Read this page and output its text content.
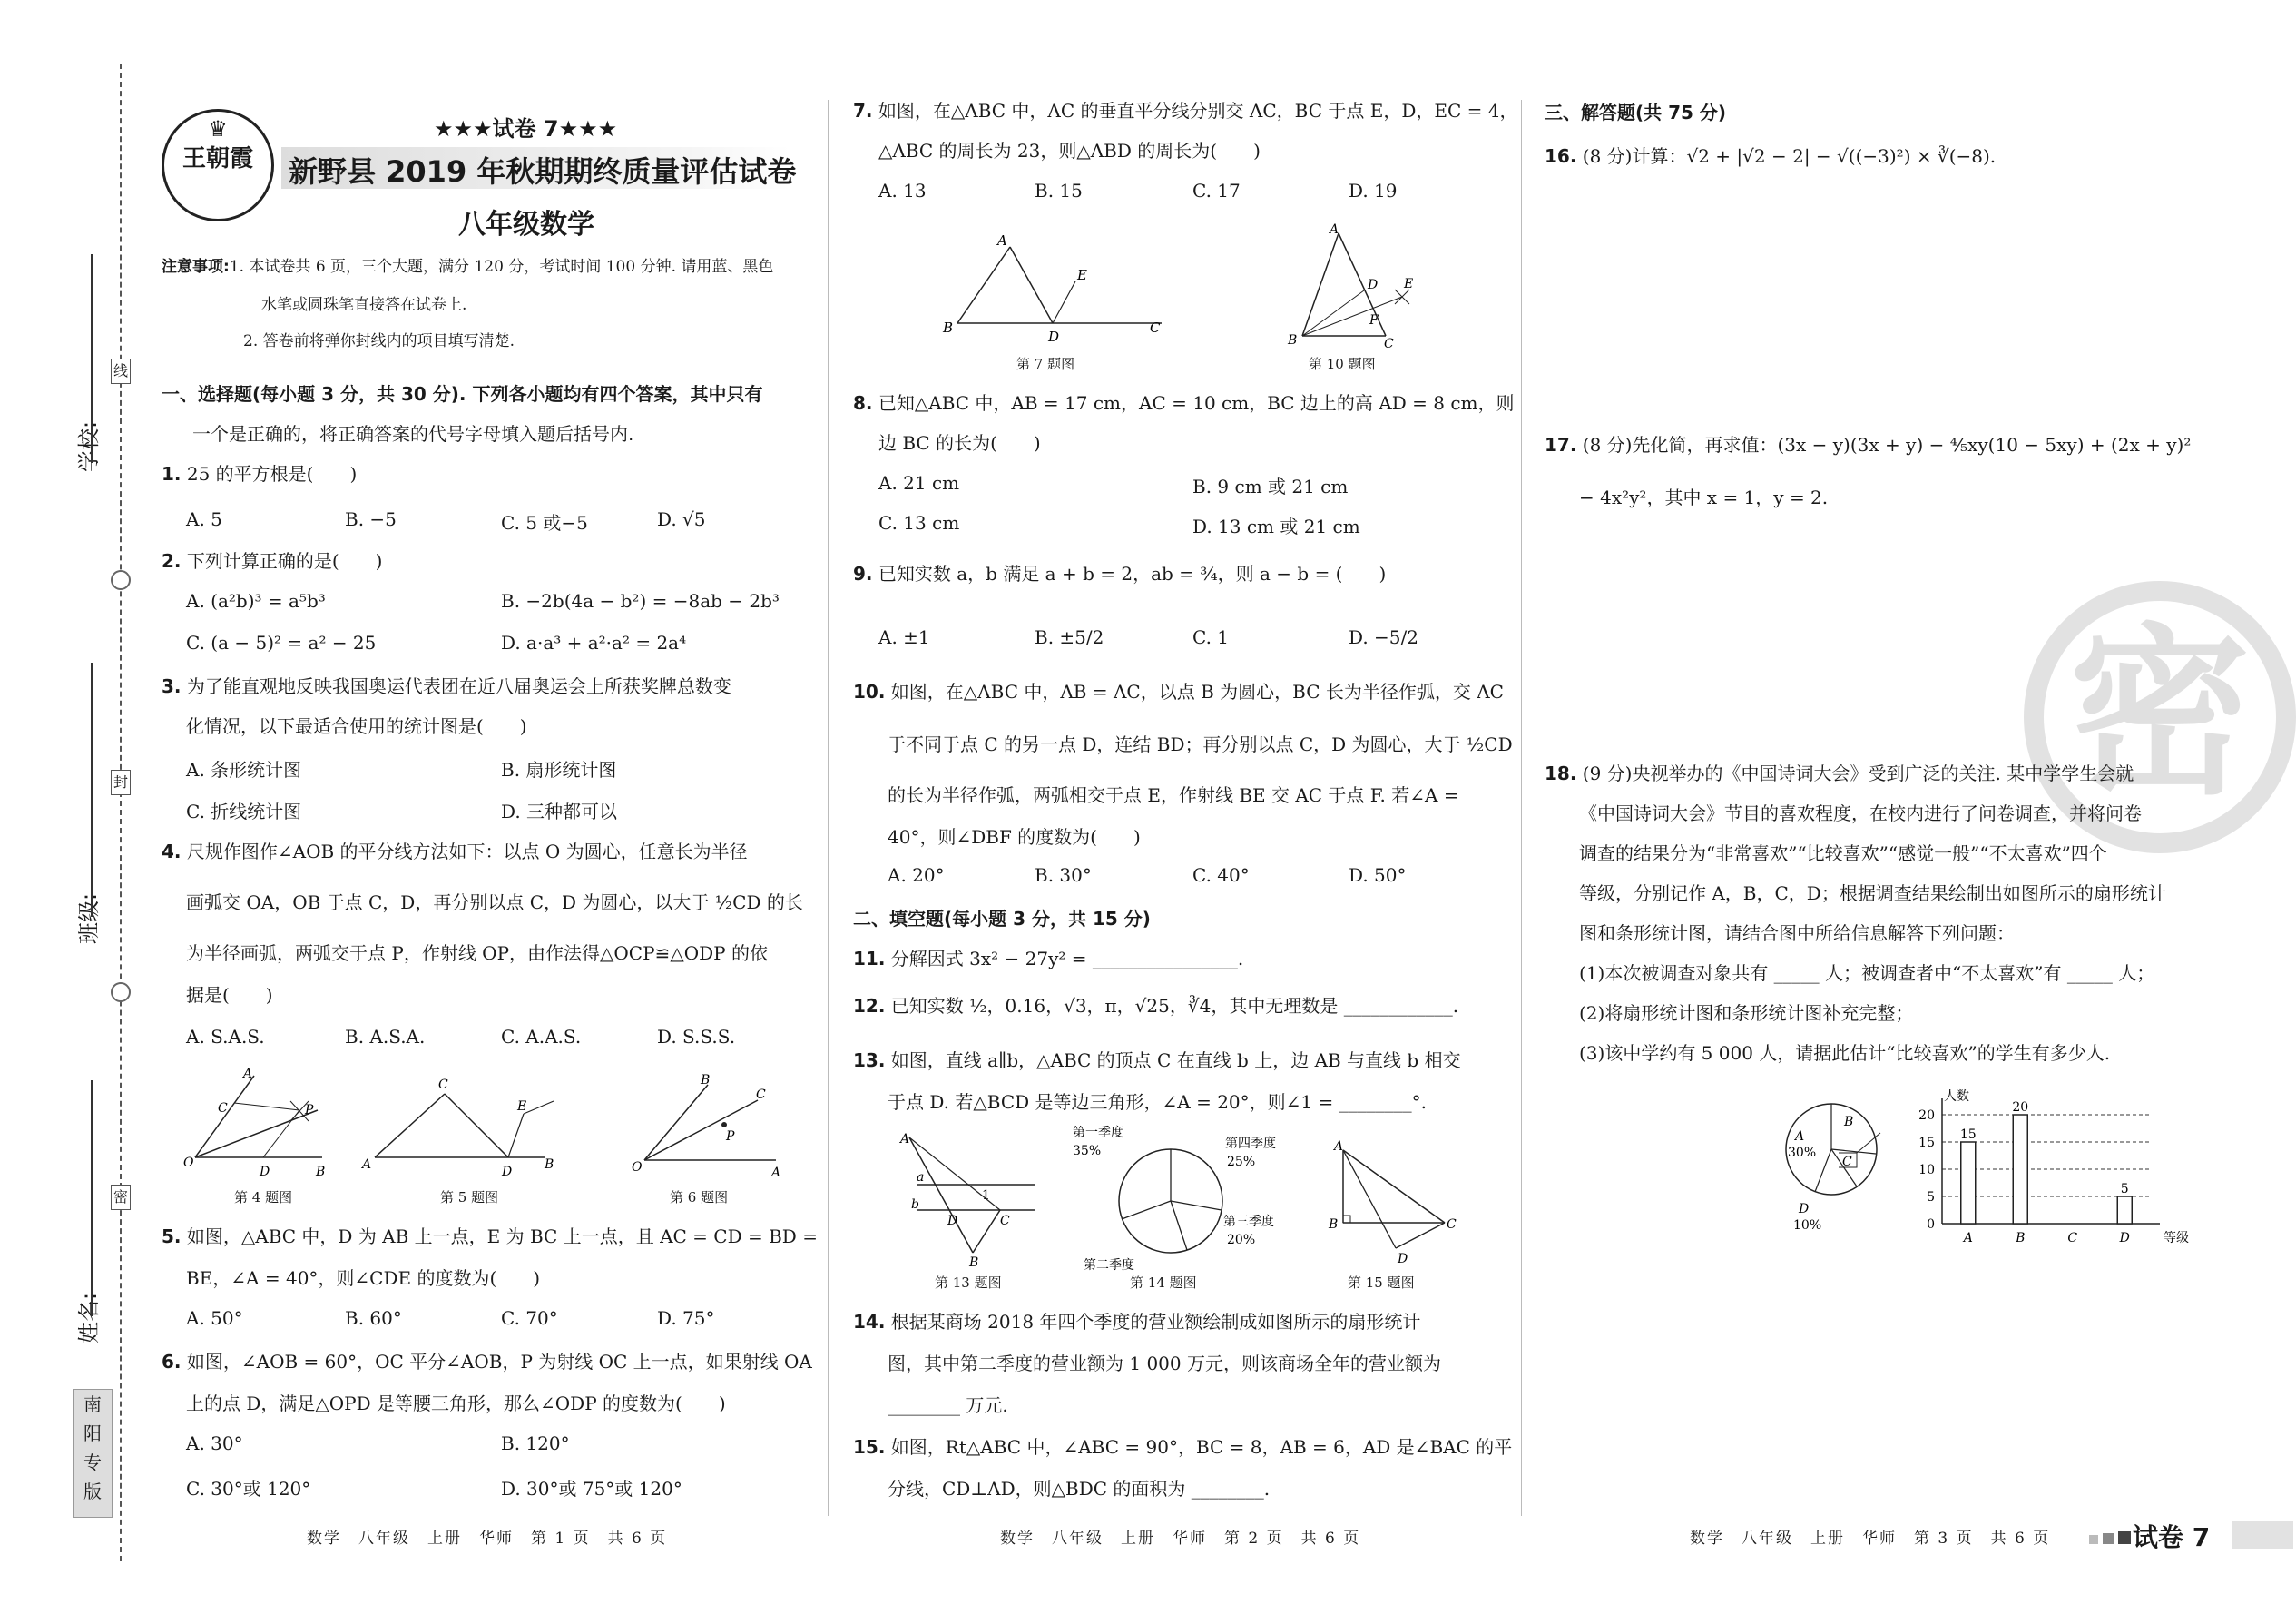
学校:
班级:
姓名:
线
封
密
南
阳
专
版
♛
王朝霞
★★★试卷 7★★★
新野县 2019 年秋期期终质量评估试卷
八年级数学
注意事项:1. 本试卷共 6 页，三个大题，满分 120 分，考试时间 100 分钟. 请用蓝、黑色
水笔或圆珠笔直接答在试卷上.
2. 答卷前将弹你封线内的项目填写清楚.
一、选择题(每小题 3 分，共 30 分). 下列各小题均有四个答案，其中只有
一个是正确的，将正确答案的代号字母填入题后括号内.
1. 25 的平方根是(　　)
A. 5	B. −5	C. 5 或−5	D. √5
2. 下列计算正确的是(　　)
A. (a²b)³ = a⁵b³	B. −2b(4a − b²) = −8ab − 2b³
C. (a − 5)² = a² − 25	D. a·a³ + a²·a² = 2a⁴
3. 为了能直观地反映我国奥运代表团在近八届奥运会上所获奖牌总数变
化情况，以下最适合使用的统计图是(　　)
A. 条形统计图	B. 扇形统计图
C. 折线统计图	D. 三种都可以
4. 尺规作图作∠AOB 的平分线方法如下：以点 O 为圆心，任意长为半径
画弧交 OA，OB 于点 C，D，再分别以点 C，D 为圆心，以大于 ½CD 的长
为半径画弧，两弧交于点 P，作射线 OP，由作法得△OCP≌△ODP 的依
据是(　　)
A. S.A.S.	B. A.S.A.	C. A.A.S.	D. S.S.S.
A
C	P
O
D	B
第 4 题图
C
E
A	D	B
第 5 题图
B
C
P
O	A
第 6 题图
5. 如图，△ABC 中，D 为 AB 上一点，E 为 BC 上一点，且 AC = CD = BD =
BE，∠A = 40°，则∠CDE 的度数为(　　)
A. 50°	B. 60°	C. 70°	D. 75°
6. 如图，∠AOB = 60°，OC 平分∠AOB，P 为射线 OC 上一点，如果射线 OA
上的点 D，满足△OPD 是等腰三角形，那么∠ODP 的度数为(　　)
A. 30°	B. 120°
C. 30°或 120°	D. 30°或 75°或 120°
数学　八年级　上册　华师　第 1 页　共 6 页
7. 如图，在△ABC 中，AC 的垂直平分线分别交 AC，BC 于点 E，D，EC = 4，
△ABC 的周长为 23，则△ABD 的周长为(　　)
A. 13	B. 15	C. 17	D. 19
A
E
B
D
C
第 7 题图
A
D E
F
B	C
第 10 题图
8. 已知△ABC 中，AB = 17 cm，AC = 10 cm，BC 边上的高 AD = 8 cm，则
边 BC 的长为(　　)
A. 21 cm	B. 9 cm 或 21 cm
C. 13 cm	D. 13 cm 或 21 cm
9. 已知实数 a，b 满足 a + b = 2，ab = ¾，则 a − b = (　　)
A. ±1	B. ±5/2	C. 1	D. −5/2
10. 如图，在△ABC 中，AB = AC，以点 B 为圆心，BC 长为半径作弧，交 AC
于不同于点 C 的另一点 D，连结 BD；再分别以点 C，D 为圆心，大于 ½CD
的长为半径作弧，两弧相交于点 E，作射线 BE 交 AC 于点 F. 若∠A =
40°，则∠DBF 的度数为(　　)
A. 20°	B. 30°	C. 40°	D. 50°
二、填空题(每小题 3 分，共 15 分)
11. 分解因式 3x² − 27y² = ________________.
12. 已知实数 ½，0.16，√3，π，√25，∛4，其中无理数是 ____________.
13. 如图，直线 a∥b，△ABC 的顶点 C 在直线 b 上，边 AB 与直线 b 相交
于点 D. 若△BCD 是等边三角形，∠A = 20°，则∠1 = ________°.
A
a
b
1
D	C
B
第 13 题图
第一季度
35%	第四季度
25%
第三季度
20%
第二季度
第 14 题图
A
B	C
D
第 15 题图
14. 根据某商场 2018 年四个季度的营业额绘制成如图所示的扇形统计
图，其中第二季度的营业额为 1 000 万元，则该商场全年的营业额为
________ 万元.
15. 如图，Rt△ABC 中，∠ABC = 90°，BC = 8，AB = 6，AD 是∠BAC 的平
分线，CD⊥AD，则△BDC 的面积为 ________.
数学　八年级　上册　华师　第 2 页　共 6 页
三、解答题(共 75 分)
16. (8 分)计算：√2 + |√2 − 2| − √((−3)²) × ∛(−8).
17. (8 分)先化简，再求值：(3x − y)(3x + y) − ⁴⁄₅xy(10 − 5xy) + (2x + y)²
− 4x²y²，其中 x = 1，y = 2.
密
18. (9 分)央视举办的《中国诗词大会》受到广泛的关注. 某中学学生会就
《中国诗词大会》节目的喜欢程度，在校内进行了问卷调查，并将问卷
调查的结果分为“非常喜欢”“比较喜欢”“感觉一般”“不太喜欢”四个
等级，分别记作 A，B，C，D；根据调查结果绘制出如图所示的扇形统计
图和条形统计图，请结合图中所给信息解答下列问题：
(1)本次被调查对象共有 _____ 人；被调查者中“不太喜欢”有 _____ 人；
(2)将扇形统计图和条形统计图补充完整；
(3)该中学约有 5 000 人，请据此估计“比较喜欢”的学生有多少人.
A
30%
B
C
D
10%	0
5
10
15
20
人数
等级
15
A
20
B	C
5
D
数学　八年级　上册　华师　第 3 页　共 6 页
	试卷 7
